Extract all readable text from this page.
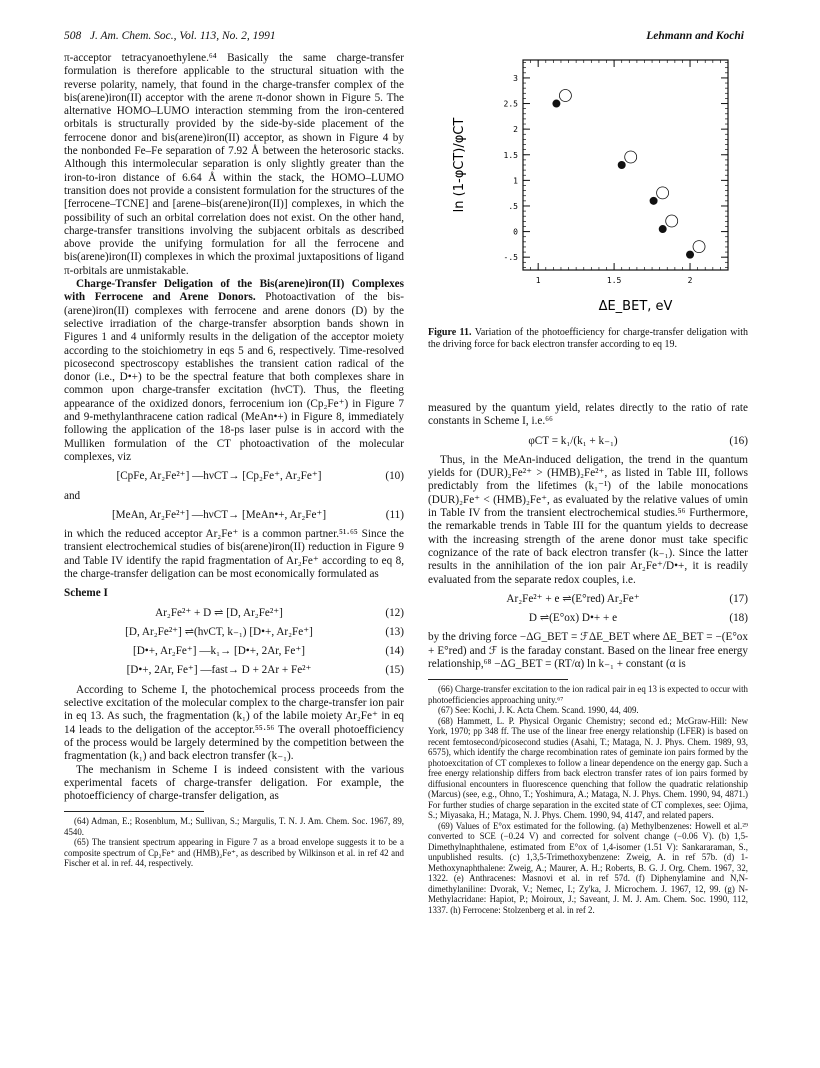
508 J. Am. Chem. Soc., Vol. 113, No. 2, 1991	Lehmann and Kochi

π-acceptor tetracyanoethylene.⁶⁴ Basically the same charge-transfer formulation is therefore applicable to the structural situation with the reverse polarity, namely, that found in the charge-transfer complex of the bis(arene)iron(II) acceptor with the arene π-donor shown in Figure 5. The alternative HOMO–LUMO interaction stemming from the iron-centered orbitals is structurally provided by the side-by-side placement of the ferrocene donor and bis(arene)iron(II) acceptor, as shown in Figure 4 by the nonbonded Fe–Fe separation of 7.92 Å between the heterosoric stacks. Although this intermolecular separation is only slightly greater than the iron-to-iron distance of 6.64 Å within the stack, the HOMO–LUMO transition does not provide a consistent formulation for the structures of the [ferrocene–TCNE] and [arene–bis(arene)iron(II)] complexes, in which the possibility of such an orbital correlation does not exist. On the other hand, charge-transfer transitions involving the subjacent orbitals as described above provide the unifying formulation for all the ferrocene and bis(arene)iron(II) complexes in which the proximal juxtapositions of ligand π-orbitals are unmistakable.

Charge-Transfer Deligation of the Bis(arene)iron(II) Complexes with Ferrocene and Arene Donors. Photoactivation of the bis-(arene)iron(II) complexes with ferrocene and arene donors (D) by the selective irradiation of the charge-transfer absorption bands shown in Figures 1 and 4 uniformly results in the deligation of the acceptor moiety according to the stoichiometry in eqs 5 and 6, respectively. Time-resolved picosecond spectroscopy establishes the transient cation radical of the donor (i.e., D•+) to be the spectral feature that both complexes share in common upon charge-transfer excitation (hνCT). Thus, the fleeting appearance of the oxidized donors, ferrocenium ion (Cp₂Fe⁺) in Figure 7 and 9-methylanthracene cation radical (MeAn•+) in Figure 8, immediately following the application of the 18-ps laser pulse is in accord with the Mulliken formulation of the CT photoactivation of the molecular complexes, viz

[CpFe, Ar₂Fe²⁺] —hνCT→ [Cp₂Fe⁺, Ar₂Fe⁺]	(10)
and
[MeAn, Ar₂Fe²⁺] —hνCT→ [MeAn•+, Ar₂Fe⁺]	(11)

in which the reduced acceptor Ar₂Fe⁺ is a common partner.⁵¹·⁶⁵ Since the transient electrochemical studies of bis(arene)iron(II) reduction in Figure 9 and Table IV identify the rapid fragmentation of Ar₂Fe⁺ according to eq 8, the charge-transfer deligation can be most economically formulated as

Scheme I
Ar₂Fe²⁺ + D ⇌ [D, Ar₂Fe²⁺]	(12)
[D, Ar₂Fe²⁺] ⇌(hνCT, k₋₁) [D•+, Ar₂Fe⁺]	(13)
[D•+, Ar₂Fe⁺] —k₁→ [D•+, 2Ar, Fe⁺]	(14)
[D•+, 2Ar, Fe⁺] —fast→ D + 2Ar + Fe²⁺	(15)

According to Scheme I, the photochemical process proceeds from the selective excitation of the molecular complex to the charge-transfer ion pair in eq 13. As such, the fragmentation (k₁) of the labile moiety Ar₂Fe⁺ in eq 14 leads to the deligation of the acceptor.⁵⁵·⁵⁶ The overall photoefficiency of the process would be largely determined by the competition between the fragmentation (k₁) and back electron transfer (k₋₁).

The mechanism in Scheme I is indeed consistent with the various experimental facets of charge-transfer deligation. For example, the photoefficiency of charge-transfer deligation, as

(64) Adman, E.; Rosenblum, M.; Sullivan, S.; Margulis, T. N. J. Am. Chem. Soc. 1967, 89, 4540.

(65) The transient spectrum appearing in Figure 7 as a broad envelope suggests it to be a composite spectrum of Cp₂Fe⁺ and (HMB)₂Fe⁺, as described by Wilkinson et al. in ref 42 and Fischer et al. in ref. 44, respectively.

3
2.5
2
1.5
1
.5
0
-.5
1	1.5	2
ΔE_BET, eV
ln (1-φCT)/φCT
Figure 11. Variation of the photoefficiency for charge-transfer deligation with the driving force for back electron transfer according to eq 19.

measured by the quantum yield, relates directly to the ratio of rate constants in Scheme I, i.e.⁶⁶

φCT = k₁/(k₁ + k₋₁)	(16)

Thus, in the MeAn-induced deligation, the trend in the quantum yields for (DUR)₂Fe²⁺ > (HMB)₂Fe²⁺, as listed in Table III, follows predictably from the lifetimes (k₁⁻¹) of the labile monocations (DUR)₂Fe⁺ < (HMB)₂Fe⁺, as evaluated by the relative values of υmin in Table IV from the transient electrochemical studies.⁵⁶ Furthermore, the remarkable trends in Table III for the quantum yields to decrease with the increasing strength of the arene donor must take specific cognizance of the rate of back electron transfer (k₋₁). Since the latter results in the annihilation of the ion pair Ar₂Fe⁺/D•+, it is readily evaluated from the separate redox couples, i.e.

Ar₂Fe²⁺ + e ⇌(E°red) Ar₂Fe⁺	(17)
D ⇌(E°ox) D•+ + e	(18)

by the driving force −ΔG_BET = ℱΔE_BET where ΔE_BET = −(E°ox + E°red) and ℱ is the faraday constant. Based on the linear free energy relationship,⁶⁸ −ΔG_BET = (RT/α) ln k₋₁ + constant (α is

(66) Charge-transfer excitation to the ion radical pair in eq 13 is expected to occur with photoefficiencies approaching unity.⁶⁷

(67) See: Kochi, J. K. Acta Chem. Scand. 1990, 44, 409.

(68) Hammett, L. P. Physical Organic Chemistry; second ed.; McGraw-Hill: New York, 1970; pp 348 ff. The use of the linear free energy relationship (LFER) is based on recent femtosecond/picosecond studies (Asahi, T.; Mataga, N. J. Phys. Chem. 1989, 93, 6575), which identify the charge recombination rates of geminate ion pairs formed by the photoexcitation of CT complexes to follow a linear dependence on the energy gap. Such a free energy relationship differs from back electron transfer rates of ion pairs formed by diffusional encounters in fluorescence quenching that follow the quadratic relationship (Marcus) (see, e.g., Ohno, T.; Yoshimura, A.; Mataga, N. J. Phys. Chem. 1990, 94, 4871.) For further studies of charge separation in the excited state of CT complexes, see: Ojima, S.; Miyasaka, H.; Mataga, N. J. Phys. Chem. 1990, 94, 4147, and related papers.

(69) Values of E°ox estimated for the following. (a) Methylbenzenes: Howell et al.²⁹ converted to SCE (−0.24 V) and corrected for solvent change (−0.06 V). (b) 1,5-Dimethylnaphthalene, estimated from E°ox of 1,4-isomer (1.51 V): Sankararaman, S., unpublished results. (c) 1,3,5-Trimethoxybenzene: Zweig, A. in ref 57b. (d) 1-Methoxynaphthalene: Zweig, A.; Maurer, A. H.; Roberts, B. G. J. Org. Chem. 1967, 32, 1322. (e) Anthracenes: Masnovi et al. in ref 57d. (f) Diphenylamine and N,N-dimethylaniline: Dvorak, V.; Nemec, I.; Zy'ka, J. Microchem. J. 1967, 12, 99. (g) N-Methylacridane: Hapiot, P.; Moiroux, J.; Saveant, J. M. J. Am. Chem. Soc. 1990, 112, 1337. (h) Ferrocene: Stolzenberg et al. in ref 2.
